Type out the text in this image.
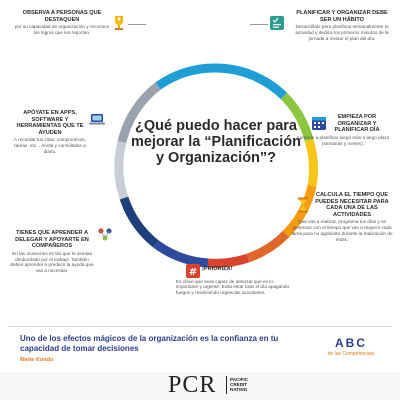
¿Qué puedo hacer para mejorar la “Planificación y Organización”?
OBSERVA A PERSONAS QUE DESTAQUEN
por su capacidad de organización y reconoce los logros que les reportan.
PLANIFICAR Y ORGANIZAR DEBE SER UN HÁBITO
Desarróllalo para planificar semanalmente tu actividad y dedica los primeros minutos de la jornada a revisar el plan del día.
APÓYATE EN APPS, SOFTWARE Y HERRAMIENTAS QUE TE AYUDEN
A recordar tus citas, compromisos, tareas, etc... Anota y consúltalas a diario.
EMPIEZA POR ORGANIZAR Y PLANIFICAR DÍA
Aprende a planificar luego más a largo plazo (semanas y meses).
CALCULA EL TIEMPO QUE PUEDES NECESITAR PARA CADA UNA DE LAS ACTIVIDADES
Que vas a realizar, programa tus días y sé generoso con el tiempo que vas a requerir cada tarea para no agobiarte durante la realización de éstas.
TIENES QUE APRENDER A DELEGAR Y APOYARTE EN COMPAÑEROS
En las ocasiones en las que te sientas desbordado por el trabajo. También debes aprender a predecir la ayuda que vas a necesitar.	# ¡PRIORIZA!
Es clave que seas capaz de detectar qué es lo importante y urgente. Evita estar todo el día apagando fuegos y resolviendo urgencias acuciantes.
Uno de los efectos mágicos de la organización es la confianza en tu capacidad de tomar decisiones
Marie Kondo
ABC
de las Competencias
PCR	PACIFIC
CREDIT
RATING
